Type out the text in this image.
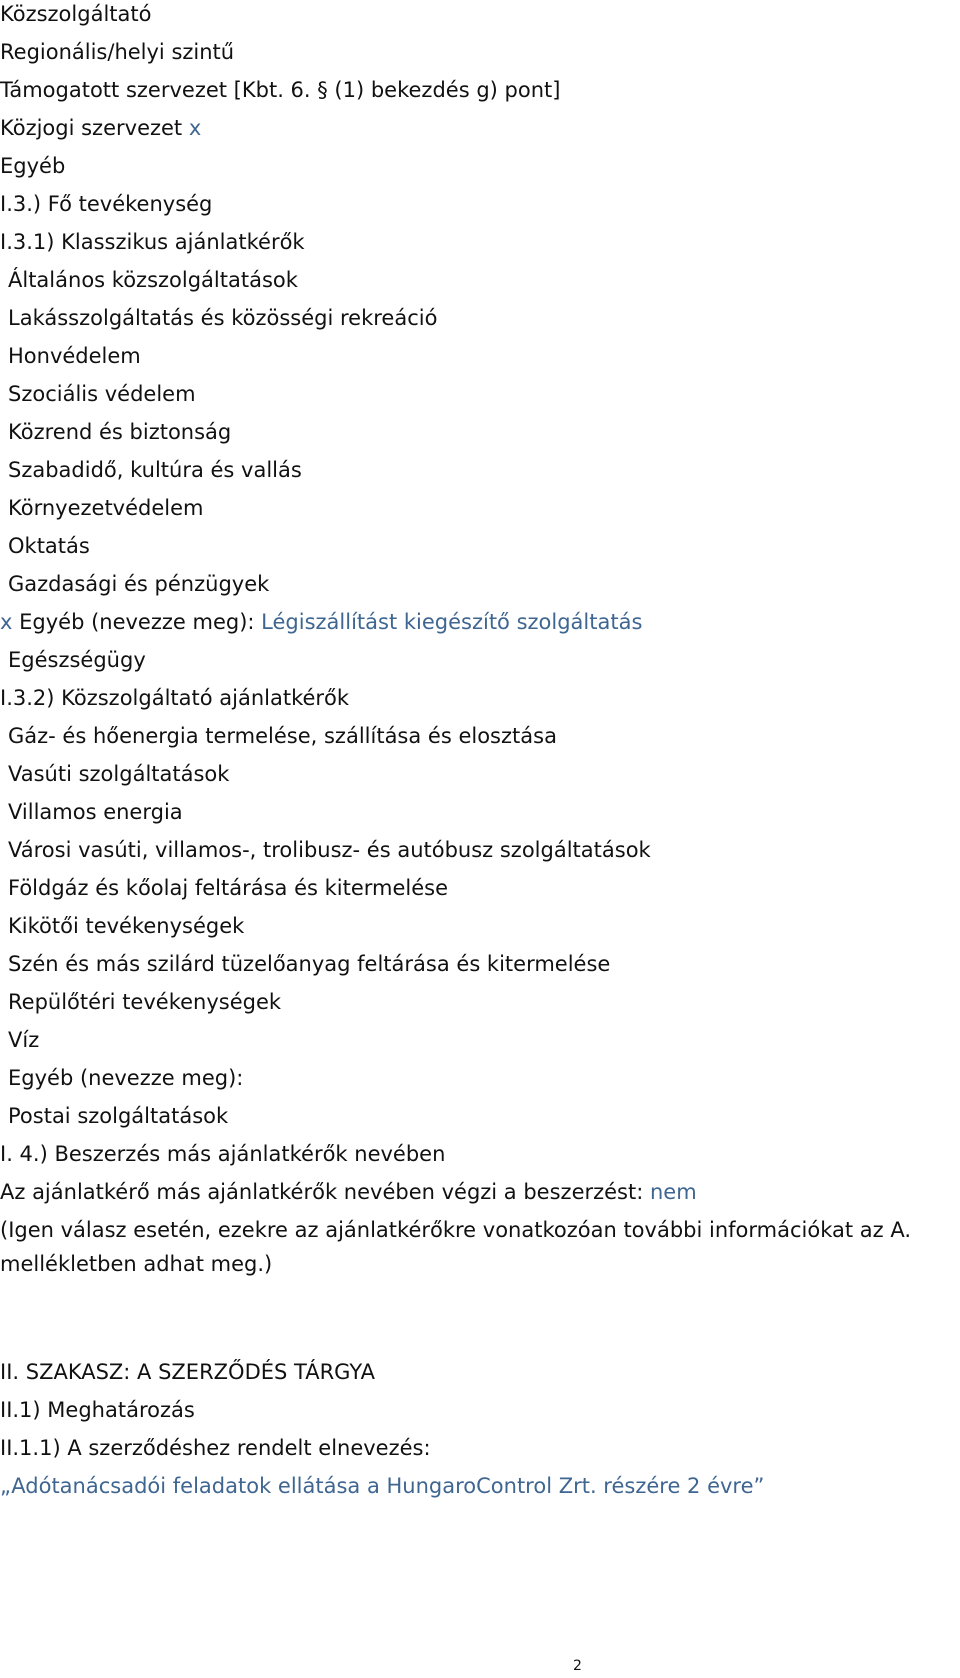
Közszolgáltató
Regionális/helyi szintű
Támogatott szervezet [Kbt. 6. § (1) bekezdés g) pont]
Közjogi szervezet x
Egyéb
I.3.) Fő tevékenység
I.3.1) Klasszikus ajánlatkérők
Általános közszolgáltatások
Lakásszolgáltatás és közösségi rekreáció
Honvédelem
Szociális védelem
Közrend és biztonság
Szabadidő, kultúra és vallás
Környezetvédelem
Oktatás
Gazdasági és pénzügyek
x Egyéb (nevezze meg): Légiszállítást kiegészítő szolgáltatás
Egészségügy
I.3.2) Közszolgáltató ajánlatkérők
Gáz- és hőenergia termelése, szállítása és elosztása
Vasúti szolgáltatások
Villamos energia
Városi vasúti, villamos-, trolibusz- és autóbusz szolgáltatások
Földgáz és kőolaj feltárása és kitermelése
Kikötői tevékenységek
Szén és más szilárd tüzelőanyag feltárása és kitermelése
Repülőtéri tevékenységek
Víz
Egyéb (nevezze meg):
Postai szolgáltatások
I. 4.) Beszerzés más ajánlatkérők nevében
Az ajánlatkérő más ajánlatkérők nevében végzi a beszerzést: nem
(Igen válasz esetén, ezekre az ajánlatkérőkre vonatkozóan további információkat az A.
mellékletben adhat meg.)
II. SZAKASZ: A SZERZŐDÉS TÁRGYA
II.1) Meghatározás
II.1.1) A szerződéshez rendelt elnevezés:
„Adótanácsadói feladatok ellátása a HungaroControl Zrt. részére 2 évre”
2
